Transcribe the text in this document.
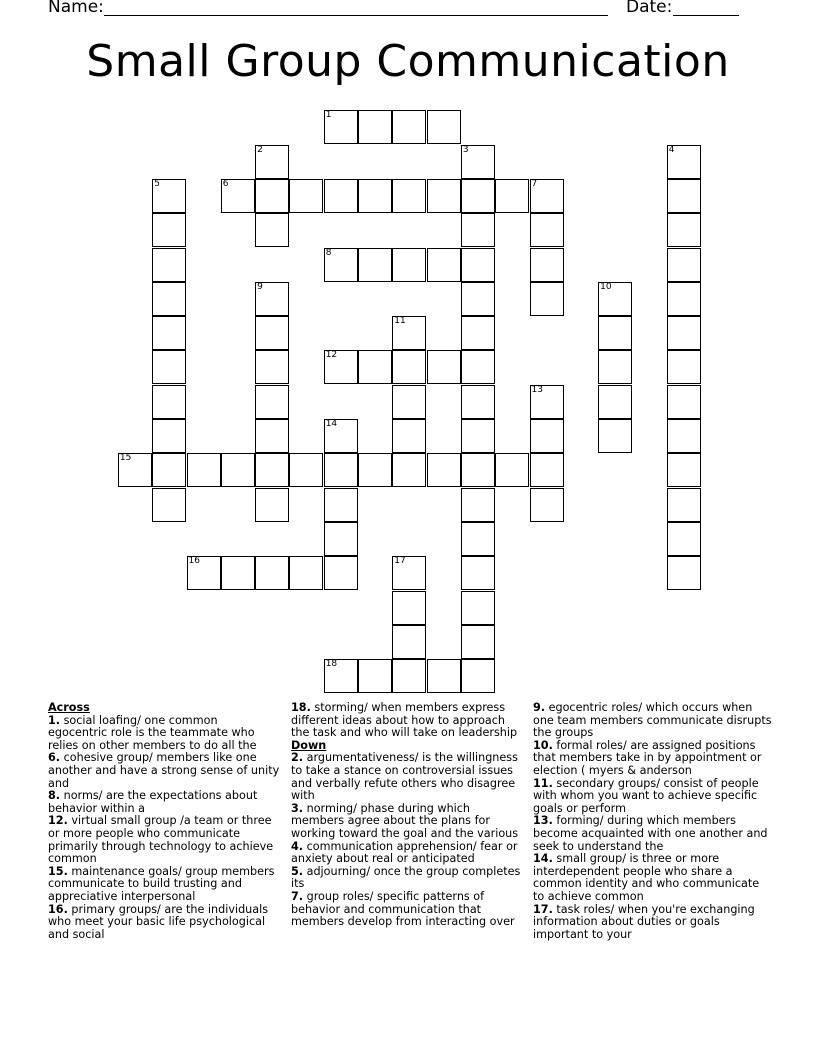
Name:	Date:
Small Group Communication
1
2	3	4
5	6	7
8
9	10
11
12
13
14
15
16	17
18

Across

1. social loafing/ one common egocentric role is the teammate who relies on other members to do all the

6. cohesive group/ members like one another and have a strong sense of unity and

8. norms/ are the expectations about behavior within a

12. virtual small group /a team or three or more people who communicate primarily through technology to achieve common

15. maintenance goals/ group members communicate to build trusting and appreciative interpersonal

16. primary groups/ are the individuals who meet your basic life psychological and social

18. storming/ when members express different ideas about how to approach the task and who will take on leadership

Down

2. argumentativeness/ is the willingness to take a stance on controversial issues and verbally refute others who disagree with

3. norming/ phase during which members agree about the plans for working toward the goal and the various

4. communication apprehension/ fear or anxiety about real or anticipated

5. adjourning/ once the group completes its

7. group roles/ specific patterns of behavior and communication that members develop from interacting over

9. egocentric roles/ which occurs when one team members communicate disrupts the groups

10. formal roles/ are assigned positions that members take in by appointment or election ( myers & anderson

11. secondary groups/ consist of people with whom you want to achieve specific goals or perform

13. forming/ during which members become acquainted with one another and seek to understand the

14. small group/ is three or more interdependent people who share a common identity and who communicate to achieve common

17. task roles/ when you're exchanging information about duties or goals important to your
